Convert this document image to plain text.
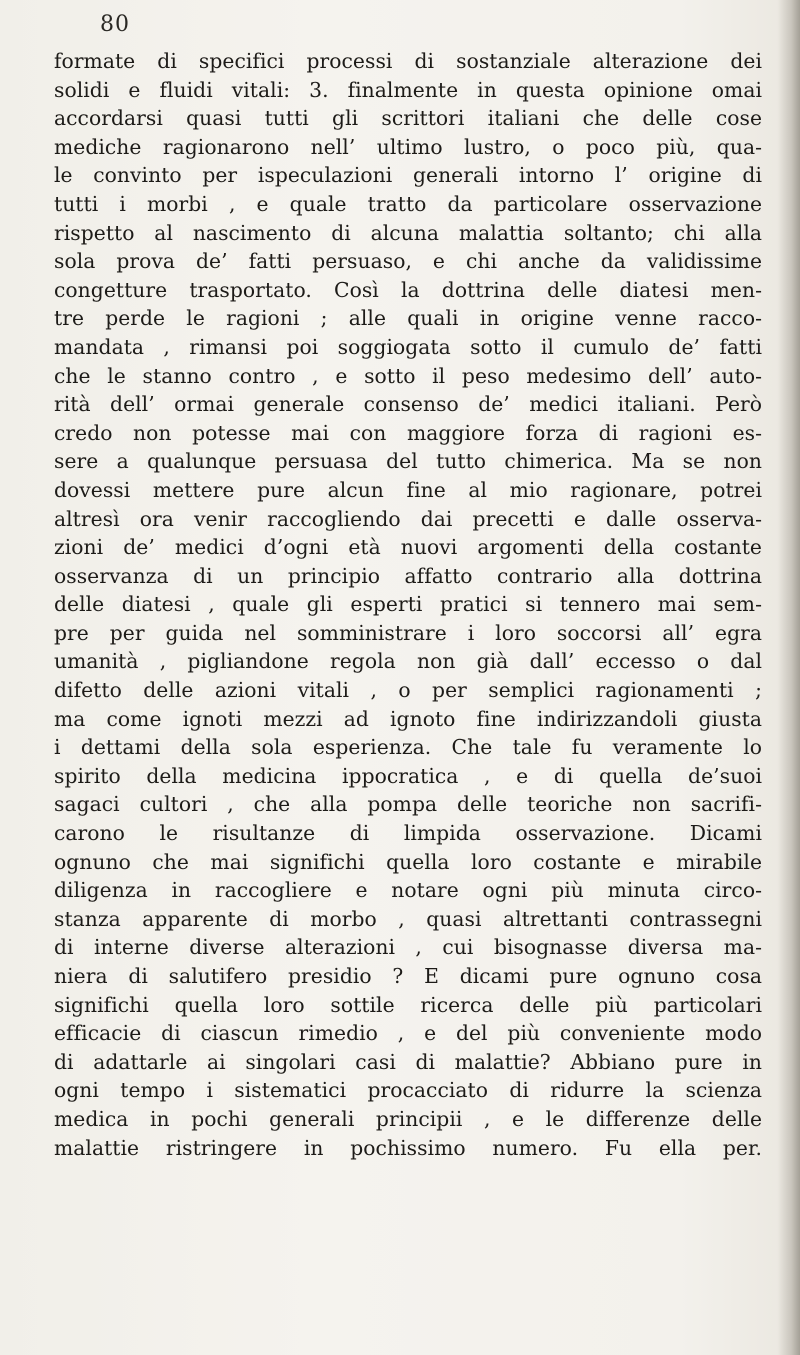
80
formate di specifici processi di sostanziale alterazione dei
solidi e fluidi vitali: 3. finalmente in questa opinione omai
accordarsi quasi tutti gli scrittori italiani che delle cose
mediche ragionarono nell’ ultimo lustro, o poco più, qua-
le convinto per ispeculazioni generali intorno l’ origine di
tutti i morbi , e quale tratto da particolare osservazione
rispetto al nascimento di alcuna malattia soltanto; chi alla
sola prova de’ fatti persuaso, e chi anche da validissime
congetture trasportato. Così la dottrina delle diatesi men-
tre perde le ragioni ; alle quali in origine venne racco-
mandata , rimansi poi soggiogata sotto il cumulo de’ fatti
che le stanno contro , e sotto il peso medesimo dell’ auto-
rità dell’ ormai generale consenso de’ medici italiani. Però
credo non potesse mai con maggiore forza di ragioni es-
sere a qualunque persuasa del tutto chimerica. Ma se non
dovessi mettere pure alcun fine al mio ragionare, potrei
altresì ora venir raccogliendo dai precetti e dalle osserva-
zioni de’ medici d’ogni età nuovi argomenti della costante
osservanza di un principio affatto contrario alla dottrina
delle diatesi , quale gli esperti pratici si tennero mai sem-
pre per guida nel somministrare i loro soccorsi all’ egra
umanità , pigliandone regola non già dall’ eccesso o dal
difetto delle azioni vitali , o per semplici ragionamenti ;
ma come ignoti mezzi ad ignoto fine indirizzandoli giusta
i dettami della sola esperienza. Che tale fu veramente lo
spirito della medicina ippocratica , e di quella de’suoi
sagaci cultori , che alla pompa delle teoriche non sacrifi-
carono le risultanze di limpida osservazione. Dicami
ognuno che mai significhi quella loro costante e mirabile
diligenza in raccogliere e notare ogni più minuta circo-
stanza apparente di morbo , quasi altrettanti contrassegni
di interne diverse alterazioni , cui bisognasse diversa ma-
niera di salutifero presidio ? E dicami pure ognuno cosa
significhi quella loro sottile ricerca delle più particolari
efficacie di ciascun rimedio , e del più conveniente modo
di adattarle ai singolari casi di malattie? Abbiano pure in
ogni tempo i sistematici procacciato di ridurre la scienza
medica in pochi generali principii , e le differenze delle
malattie ristringere in pochissimo numero. Fu ella per.
